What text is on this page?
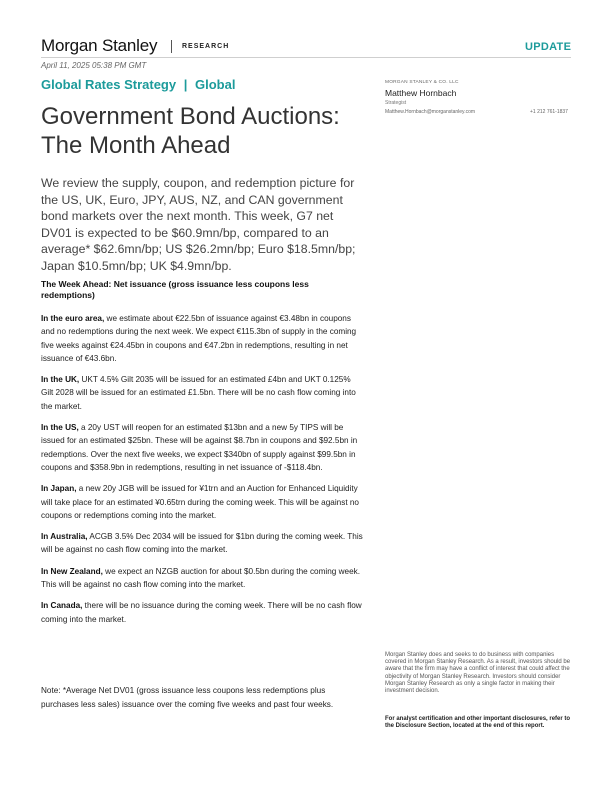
Morgan Stanley	RESEARCH	UPDATE
April 11, 2025 05:38 PM GMT
Global Rates Strategy | Global
Government Bond Auctions:
The Month Ahead

We review the supply, coupon, and redemption picture for the US, UK, Euro, JPY, AUS, NZ, and CAN government bond markets over the next month. This week, G7 net DV01 is expected to be $60.9mn/bp, compared to an average* $62.6mn/bp; US $26.2mn/bp; Euro $18.5mn/bp; Japan $10.5mn/bp; UK $4.9mn/bp.

The Week Ahead: Net issuance (gross issuance less coupons less redemptions)

In the euro area, we estimate about €22.5bn of issuance against €3.48bn in coupons and no redemptions during the next week. We expect €115.3bn of supply in the coming five weeks against €24.45bn in coupons and €47.2bn in redemptions, resulting in net issuance of €43.6bn.

In the UK, UKT 4.5% Gilt 2035 will be issued for an estimated £4bn and UKT 0.125% Gilt 2028 will be issued for an estimated £1.5bn. There will be no cash flow coming into the market.

In the US, a 20y UST will reopen for an estimated $13bn and a new 5y TIPS will be issued for an estimated $25bn. These will be against $8.7bn in coupons and $92.5bn in redemptions. Over the next five weeks, we expect $340bn of supply against $99.5bn in coupons and $358.9bn in redemptions, resulting in net issuance of -$118.4bn.

In Japan, a new 20y JGB will be issued for ¥1trn and an Auction for Enhanced Liquidity will take place for an estimated ¥0.65trn during the coming week. This will be against no coupons or redemptions coming into the market.

In Australia, ACGB 3.5% Dec 2034 will be issued for $1bn during the coming week. This will be against no cash flow coming into the market.

In New Zealand, we expect an NZGB auction for about $0.5bn during the coming week. This will be against no cash flow coming into the market.

In Canada, there will be no issuance during the coming week. There will be no cash flow coming into the market.

Note: *Average Net DV01 (gross issuance less coupons less redemptions plus purchases less sales) issuance over the coming five weeks and past four weeks.

MORGAN STANLEY & CO. LLC
Matthew Hornbach
Strategist
Matthew.Hornbach@morganstanley.com	+1 212 761-1837

Morgan Stanley does and seeks to do business with companies covered in Morgan Stanley Research. As a result, investors should be aware that the firm may have a conflict of interest that could affect the objectivity of Morgan Stanley Research. Investors should consider Morgan Stanley Research as only a single factor in making their investment decision.

For analyst certification and other important disclosures, refer to the Disclosure Section, located at the end of this report.
